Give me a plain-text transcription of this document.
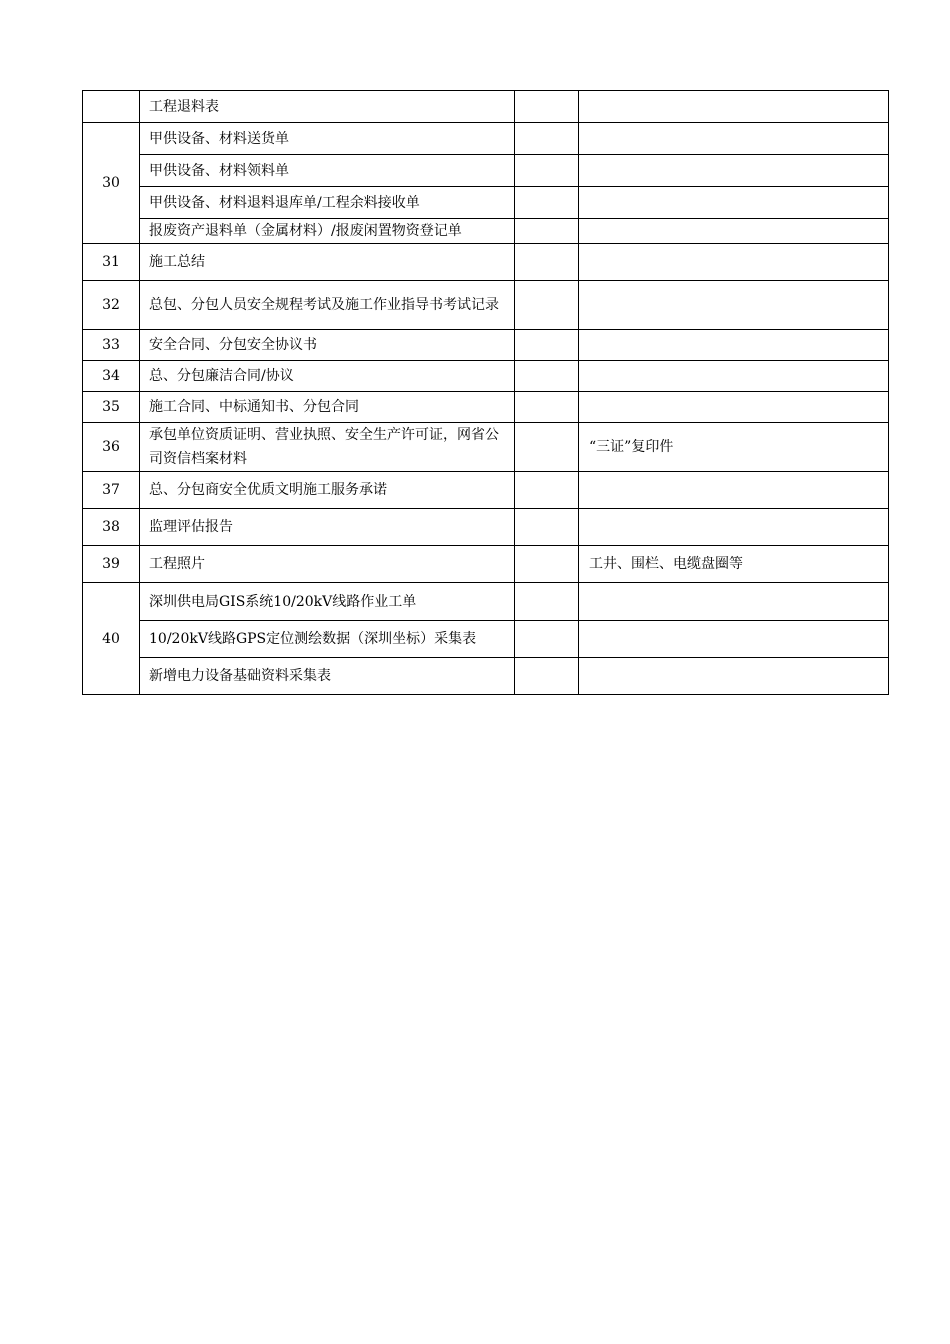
	工程退料表		
30	甲供设备、材料送货单		
	甲供设备、材料领料单		
	甲供设备、材料退料退库单/工程余料接收单		
	报废资产退料单（金属材料）/报废闲置物资登记单		
31	施工总结		
32	总包、分包人员安全规程考试及施工作业指导书考试记录		
33	安全合同、分包安全协议书		
34	总、分包廉洁合同/协议		
35	施工合同、中标通知书、分包合同		
36	承包单位资质证明、营业执照、安全生产许可证，网省公司资信档案材料		“三证”复印件
37	总、分包商安全优质文明施工服务承诺		
38	监理评估报告		
39	工程照片		工井、围栏、电缆盘圈等
40	深圳供电局GIS系统10/20kV线路作业工单		
	10/20kV线路GPS定位测绘数据（深圳坐标）采集表		
	新增电力设备基础资料采集表		
